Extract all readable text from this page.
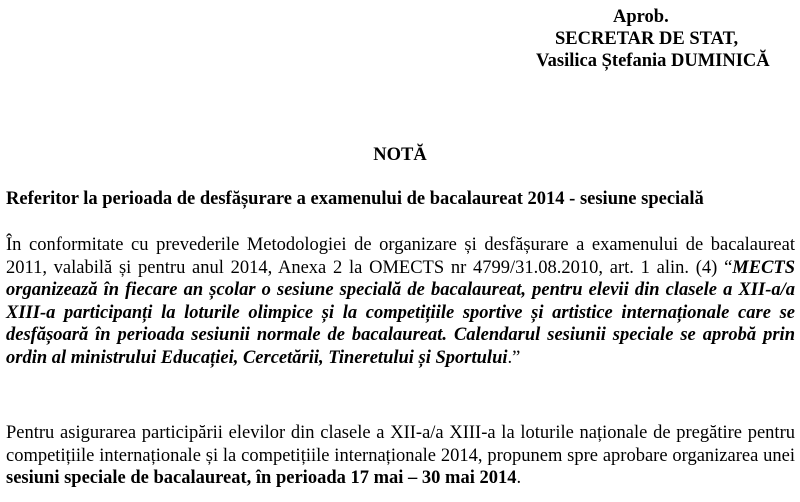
Aprob.
SECRETAR DE STAT,
Vasilica Ștefania DUMINICĂ
NOTĂ
Referitor la perioada de desfășurare a examenului de bacalaureat 2014 - sesiune specială
În conformitate cu prevederile Metodologiei de organizare și desfășurare a examenului de bacalaureat 2011, valabilă și pentru anul 2014, Anexa 2 la OMECTS nr 4799/31.08.2010, art. 1 alin. (4) “MECTS organizează în fiecare an școlar o sesiune specială de bacalaureat, pentru elevii din clasele a XII-a/a XIII-a participanți la loturile olimpice și la competițiile sportive și artistice internaționale care se desfășoară în perioada sesiunii normale de bacalaureat. Calendarul sesiunii speciale se aprobă prin ordin al ministrului Educației, Cercetării, Tineretului și Sportului.”
Pentru asigurarea participării elevilor din clasele a XII-a/a XIII-a la loturile naționale de pregătire pentru competițiile internaționale și la competițiile internaționale 2014, propunem spre aprobare organizarea unei sesiuni speciale de bacalaureat, în perioada 17 mai – 30 mai 2014.
